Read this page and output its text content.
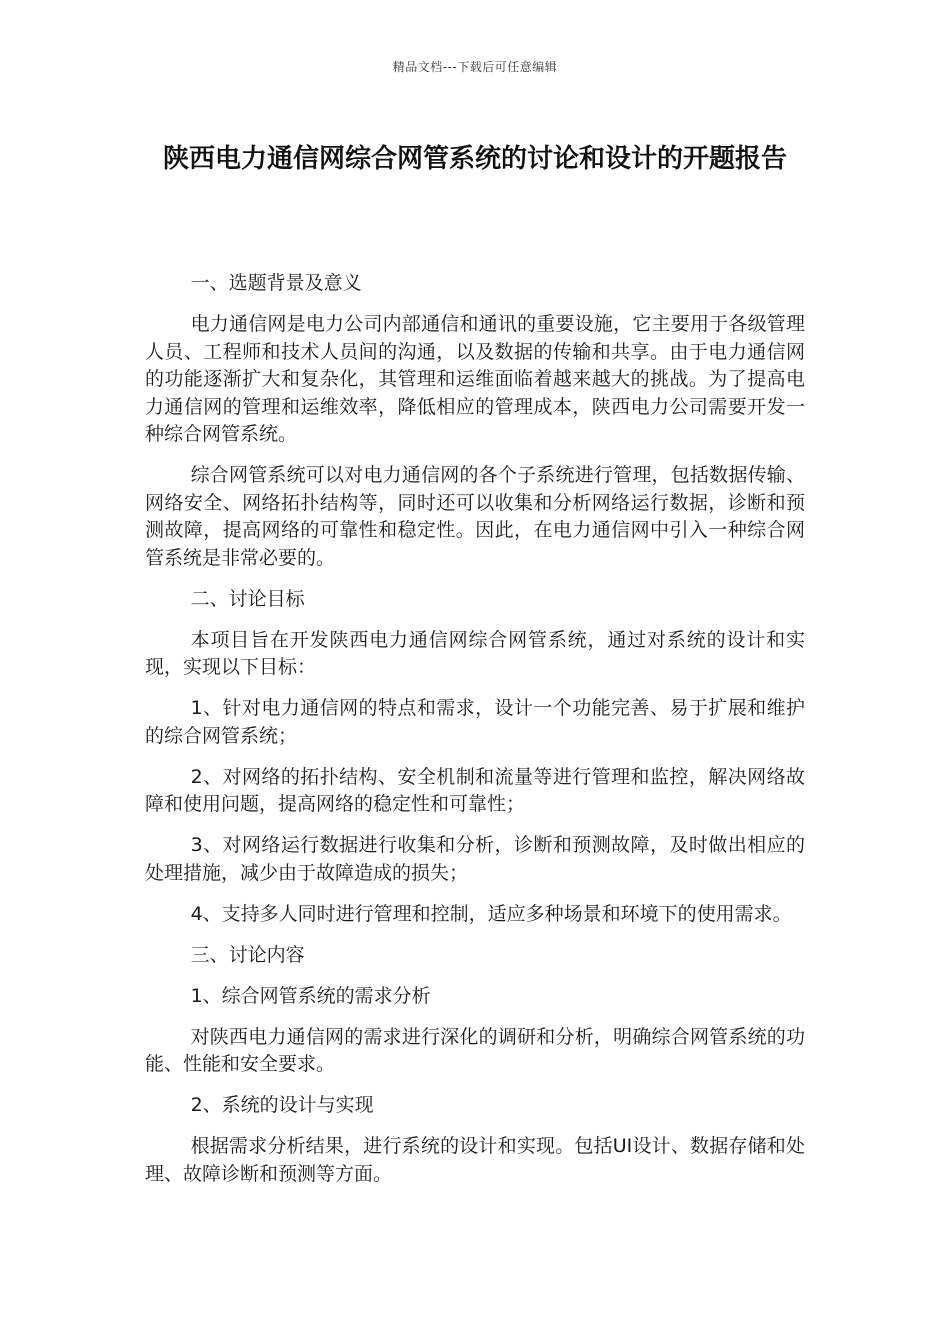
精品文档---下载后可任意编辑
陕西电力通信网综合网管系统的讨论和设计的开题报告

一、选题背景及意义

电力通信网是电力公司内部通信和通讯的重要设施，它主要用于各级管理人员、工程师和技术人员间的沟通，以及数据的传输和共享。由于电力通信网的功能逐渐扩大和复杂化，其管理和运维面临着越来越大的挑战。为了提高电力通信网的管理和运维效率，降低相应的管理成本，陕西电力公司需要开发一种综合网管系统。

综合网管系统可以对电力通信网的各个子系统进行管理，包括数据传输、网络安全、网络拓扑结构等，同时还可以收集和分析网络运行数据，诊断和预测故障，提高网络的可靠性和稳定性。因此，在电力通信网中引入一种综合网管系统是非常必要的。

二、讨论目标

本项目旨在开发陕西电力通信网综合网管系统，通过对系统的设计和实现，实现以下目标：

1、针对电力通信网的特点和需求，设计一个功能完善、易于扩展和维护的综合网管系统；

2、对网络的拓扑结构、安全机制和流量等进行管理和监控，解决网络故障和使用问题，提高网络的稳定性和可靠性；

3、对网络运行数据进行收集和分析，诊断和预测故障，及时做出相应的处理措施，减少由于故障造成的损失；

4、支持多人同时进行管理和控制，适应多种场景和环境下的使用需求。

三、讨论内容

1、综合网管系统的需求分析

对陕西电力通信网的需求进行深化的调研和分析，明确综合网管系统的功能、性能和安全要求。

2、系统的设计与实现

根据需求分析结果，进行系统的设计和实现。包括UI设计、数据存储和处理、故障诊断和预测等方面。
